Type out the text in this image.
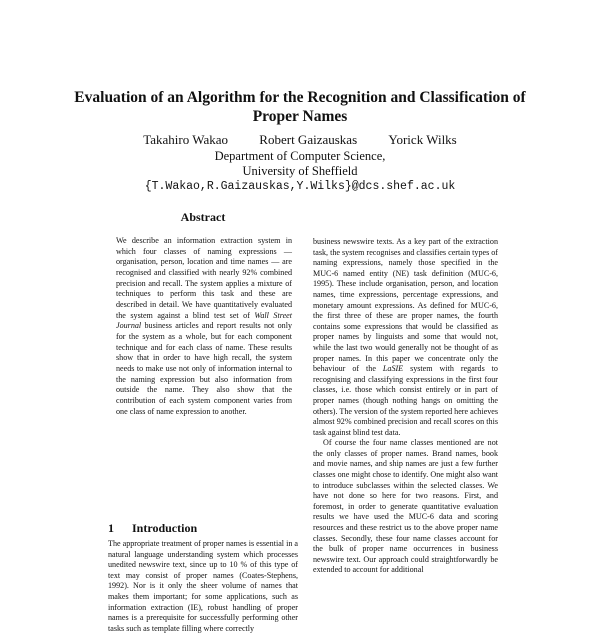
Evaluation of an Algorithm for the Recognition and Classification of Proper Names
Takahiro Wakao Robert Gaizauskas Yorick Wilks
Department of Computer Science,
University of Sheffield
{T.Wakao,R.Gaizauskas,Y.Wilks}@dcs.shef.ac.uk
Abstract

We describe an information extraction system in which four classes of naming expressions — organisation, person, location and time names — are recognised and classified with nearly 92% combined precision and recall. The system applies a mixture of techniques to perform this task and these are described in detail. We have quantitatively evaluated the system against a blind test set of Wall Street Journal business articles and report results not only for the system as a whole, but for each component technique and for each class of name. These results show that in order to have high recall, the system needs to make use not only of information internal to the naming expression but also information from outside the name. They also show that the contribution of each system component varies from one class of name expression to another.

1 Introduction

The appropriate treatment of proper names is essential in a natural language understanding system which processes unedited newswire text, since up to 10 % of this type of text may consist of proper names (Coates-Stephens, 1992). Nor is it only the sheer volume of names that makes them important; for some applications, such as information extraction (IE), robust handling of proper names is a prerequisite for successfully performing other tasks such as template filling where correctly

business newswire texts. As a key part of the extraction task, the system recognises and classifies certain types of naming expressions, namely those specified in the MUC-6 named entity (NE) task definition (MUC-6, 1995). These include organisation, person, and location names, time expressions, percentage expressions, and monetary amount expressions. As defined for MUC-6, the first three of these are proper names, the fourth contains some expressions that would be classified as proper names by linguists and some that would not, while the last two would generally not be thought of as proper names. In this paper we concentrate only the behaviour of the LaSIE system with regards to recognising and classifying expressions in the first four classes, i.e. those which consist entirely or in part of proper names (though nothing hangs on omitting the others). The version of the system reported here achieves almost 92% combined precision and recall scores on this task against blind test data.

Of course the four name classes mentioned are not the only classes of proper names. Brand names, book and movie names, and ship names are just a few further classes one might chose to identify. One might also want to introduce subclasses within the selected classes. We have not done so here for two reasons. First, and foremost, in order to generate quantitative evaluation results we have used the MUC-6 data and scoring resources and these restrict us to the above proper name classes. Secondly, these four name classes account for the bulk of proper name occurrences in business newswire text. Our approach could straightforwardly be extended to account for additional
